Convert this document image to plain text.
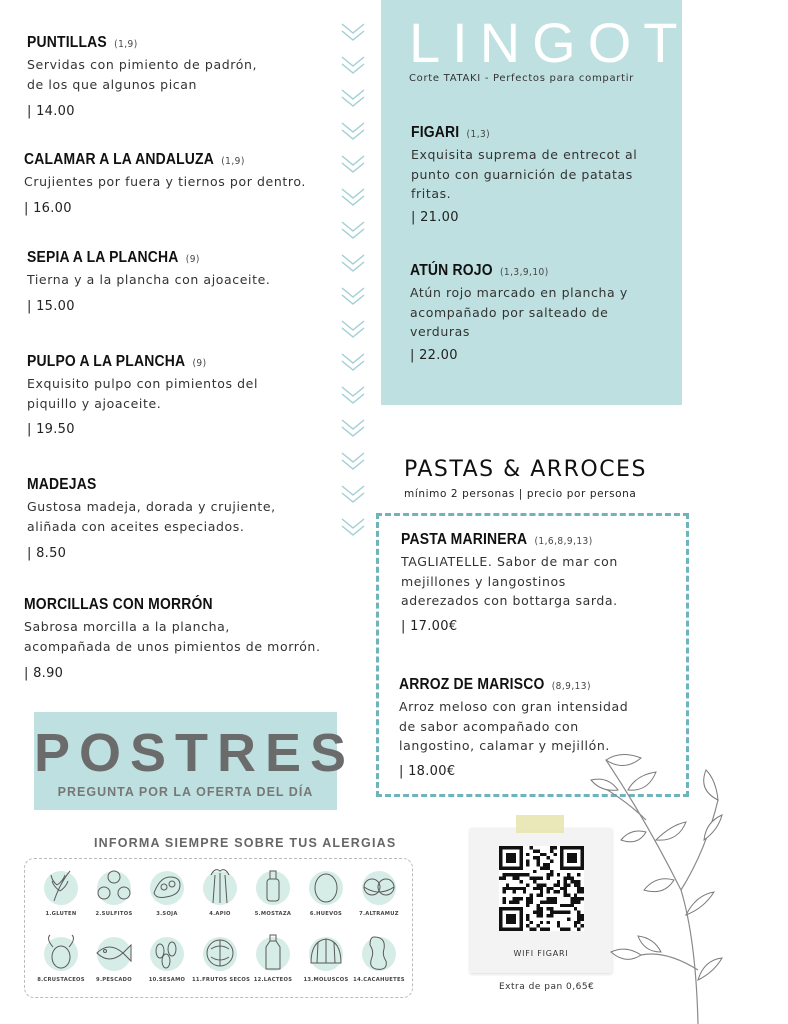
PUNTILLAS (1,9)
Servidas con pimiento de padrón,
de los que algunos pican
| 14.00
CALAMAR A LA ANDALUZA (1,9)
Crujientes por fuera y tiernos por dentro.
| 16.00
SEPIA A LA PLANCHA (9)
Tierna y a la plancha con ajoaceite.
| 15.00
PULPO A LA PLANCHA (9)
Exquisito pulpo con pimientos del
piquillo y ajoaceite.
| 19.50
MADEJAS
Gustosa madeja, dorada y crujiente,
aliñada con aceites especiados.
| 8.50
MORCILLAS CON MORRÓN
Sabrosa morcilla a la plancha,
acompañada de unos pimientos de morrón.
| 8.90
LINGOTES
Corte TATAKI - Perfectos para compartir
FIGARI (1,3)
Exquisita suprema de entrecot al
punto con guarnición de patatas
fritas.
| 21.00
ATÚN ROJO (1,3,9,10)
Atún rojo marcado en plancha y
acompañado por salteado de
verduras
| 22.00
PASTAS & ARROCES
mínimo 2 personas | precio por persona
PASTA MARINERA (1,6,8,9,13)
TAGLIATELLE. Sabor de mar con
mejillones y langostinos
aderezados con bottarga sarda.
| 17.00€
ARROZ DE MARISCO (8,9,13)
Arroz meloso con gran intensidad
de sabor acompañado con
langostino, calamar y mejillón.
| 18.00€
POSTRES
PREGUNTA POR LA OFERTA DEL DÍA
INFORMA SIEMPRE SOBRE TUS ALERGIAS
1.GLUTEN	2.SULFITOS	3.SOJA	4.APIO	5.MOSTAZA	6.HUEVOS	7.ALTRAMUZ
8.CRUSTACEOS	9.PESCADO	10.SESAMO	11.FRUTOS SECOS 12.LACTEOS	13.MOLUSCOS 14.CACAHUETES
WIFI FIGARI
Extra de pan 0,65€
